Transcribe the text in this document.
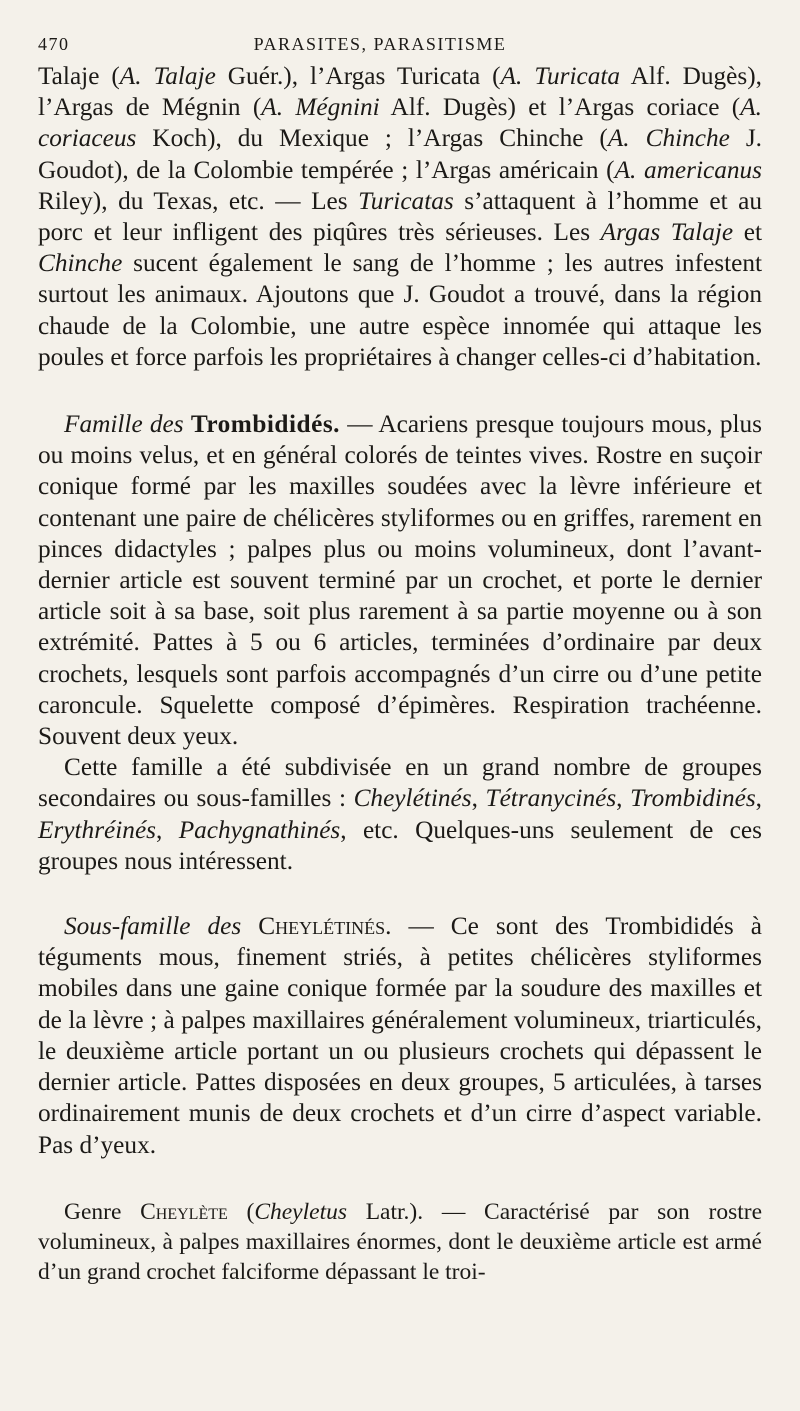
470	PARASITES, PARASITISME

Talaje (A. Talaje Guér.), l’Argas Turicata (A. Turicata Alf. Dugès), l’Argas de Mégnin (A. Mégnini Alf. Dugès) et l’Argas coriace (A. coriaceus Koch), du Mexique ; l’Argas Chinche (A. Chinche J. Goudot), de la Colombie tempérée ; l’Argas américain (A. americanus Riley), du Texas, etc. — Les Turicatas s’attaquent à l’homme et au porc et leur infligent des piqûres très sérieuses. Les Argas Talaje et Chinche sucent également le sang de l’homme ; les autres infestent surtout les animaux. Ajoutons que J. Goudot a trouvé, dans la région chaude de la Colombie, une autre espèce innomée qui attaque les poules et force parfois les propriétaires à changer celles-ci d’habitation.

Famille des Trombididés. — Acariens presque toujours mous, plus ou moins velus, et en général colorés de teintes vives. Rostre en suçoir conique formé par les maxilles soudées avec la lèvre inférieure et contenant une paire de chélicères styliformes ou en griffes, rarement en pinces didactyles ; palpes plus ou moins volumineux, dont l’avant-dernier article est souvent terminé par un crochet, et porte le dernier article soit à sa base, soit plus rarement à sa partie moyenne ou à son extrémité. Pattes à 5 ou 6 articles, terminées d’ordinaire par deux crochets, lesquels sont parfois accompagnés d’un cirre ou d’une petite caroncule. Squelette composé d’épimères. Respiration trachéenne. Souvent deux yeux.

Cette famille a été subdivisée en un grand nombre de groupes secondaires ou sous-familles : Cheylétinés, Tétranycinés, Trombidinés, Erythréinés, Pachygnathinés, etc. Quelques-uns seulement de ces groupes nous intéressent.

Sous-famille des Cheylétinés. — Ce sont des Trombididés à téguments mous, finement striés, à petites chélicères styliformes mobiles dans une gaine conique formée par la soudure des maxilles et de la lèvre ; à palpes maxillaires généralement volumineux, triarticulés, le deuxième article portant un ou plusieurs crochets qui dépassent le dernier article. Pattes disposées en deux groupes, 5 articulées, à tarses ordinairement munis de deux crochets et d’un cirre d’aspect variable. Pas d’yeux.

Genre Cheylète (Cheyletus Latr.). — Caractérisé par son rostre volumineux, à palpes maxillaires énormes, dont le deuxième article est armé d’un grand crochet falciforme dépassant le troi-
